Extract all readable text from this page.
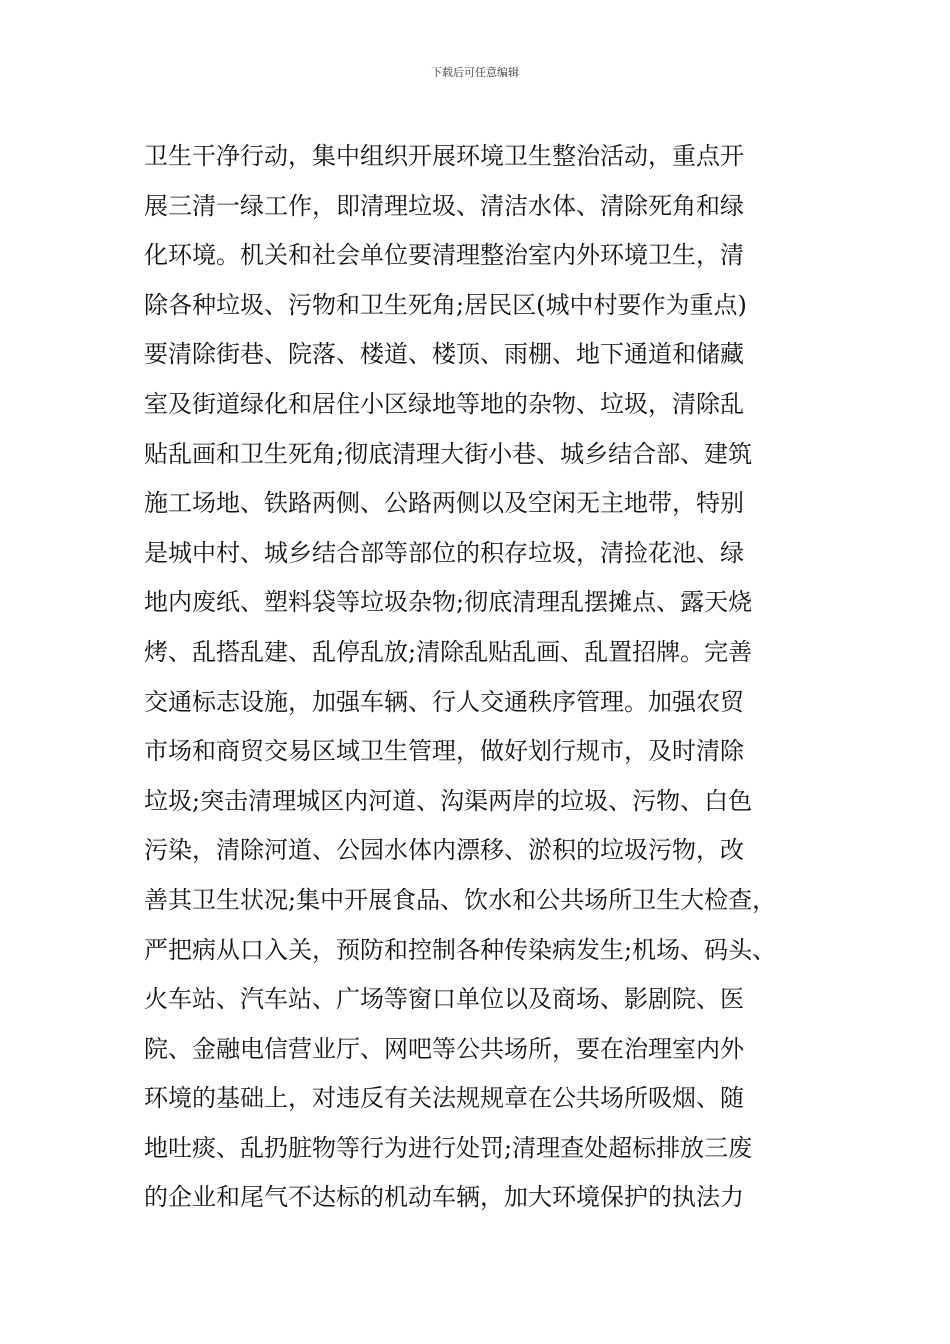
下载后可任意编辑
卫生干净行动，集中组织开展环境卫生整治活动，重点开
展三清一绿工作，即清理垃圾、清洁水体、清除死角和绿
化环境。机关和社会单位要清理整治室内外环境卫生，清
除各种垃圾、污物和卫生死角;居民区(城中村要作为重点)
要清除街巷、院落、楼道、楼顶、雨棚、地下通道和储藏
室及街道绿化和居住小区绿地等地的杂物、垃圾，清除乱
贴乱画和卫生死角;彻底清理大街小巷、城乡结合部、建筑
施工场地、铁路两侧、公路两侧以及空闲无主地带，特别
是城中村、城乡结合部等部位的积存垃圾，清捡花池、绿
地内废纸、塑料袋等垃圾杂物;彻底清理乱摆摊点、露天烧
烤、乱搭乱建、乱停乱放;清除乱贴乱画、乱置招牌。完善
交通标志设施，加强车辆、行人交通秩序管理。加强农贸
市场和商贸交易区域卫生管理，做好划行规市，及时清除
垃圾;突击清理城区内河道、沟渠两岸的垃圾、污物、白色
污染，清除河道、公园水体内漂移、淤积的垃圾污物，改
善其卫生状况;集中开展食品、饮水和公共场所卫生大检查，
严把病从口入关，预防和控制各种传染病发生;机场、码头、
火车站、汽车站、广场等窗口单位以及商场、影剧院、医
院、金融电信营业厅、网吧等公共场所，要在治理室内外
环境的基础上，对违反有关法规规章在公共场所吸烟、随
地吐痰、乱扔脏物等行为进行处罚;清理查处超标排放三废
的企业和尾气不达标的机动车辆，加大环境保护的执法力
